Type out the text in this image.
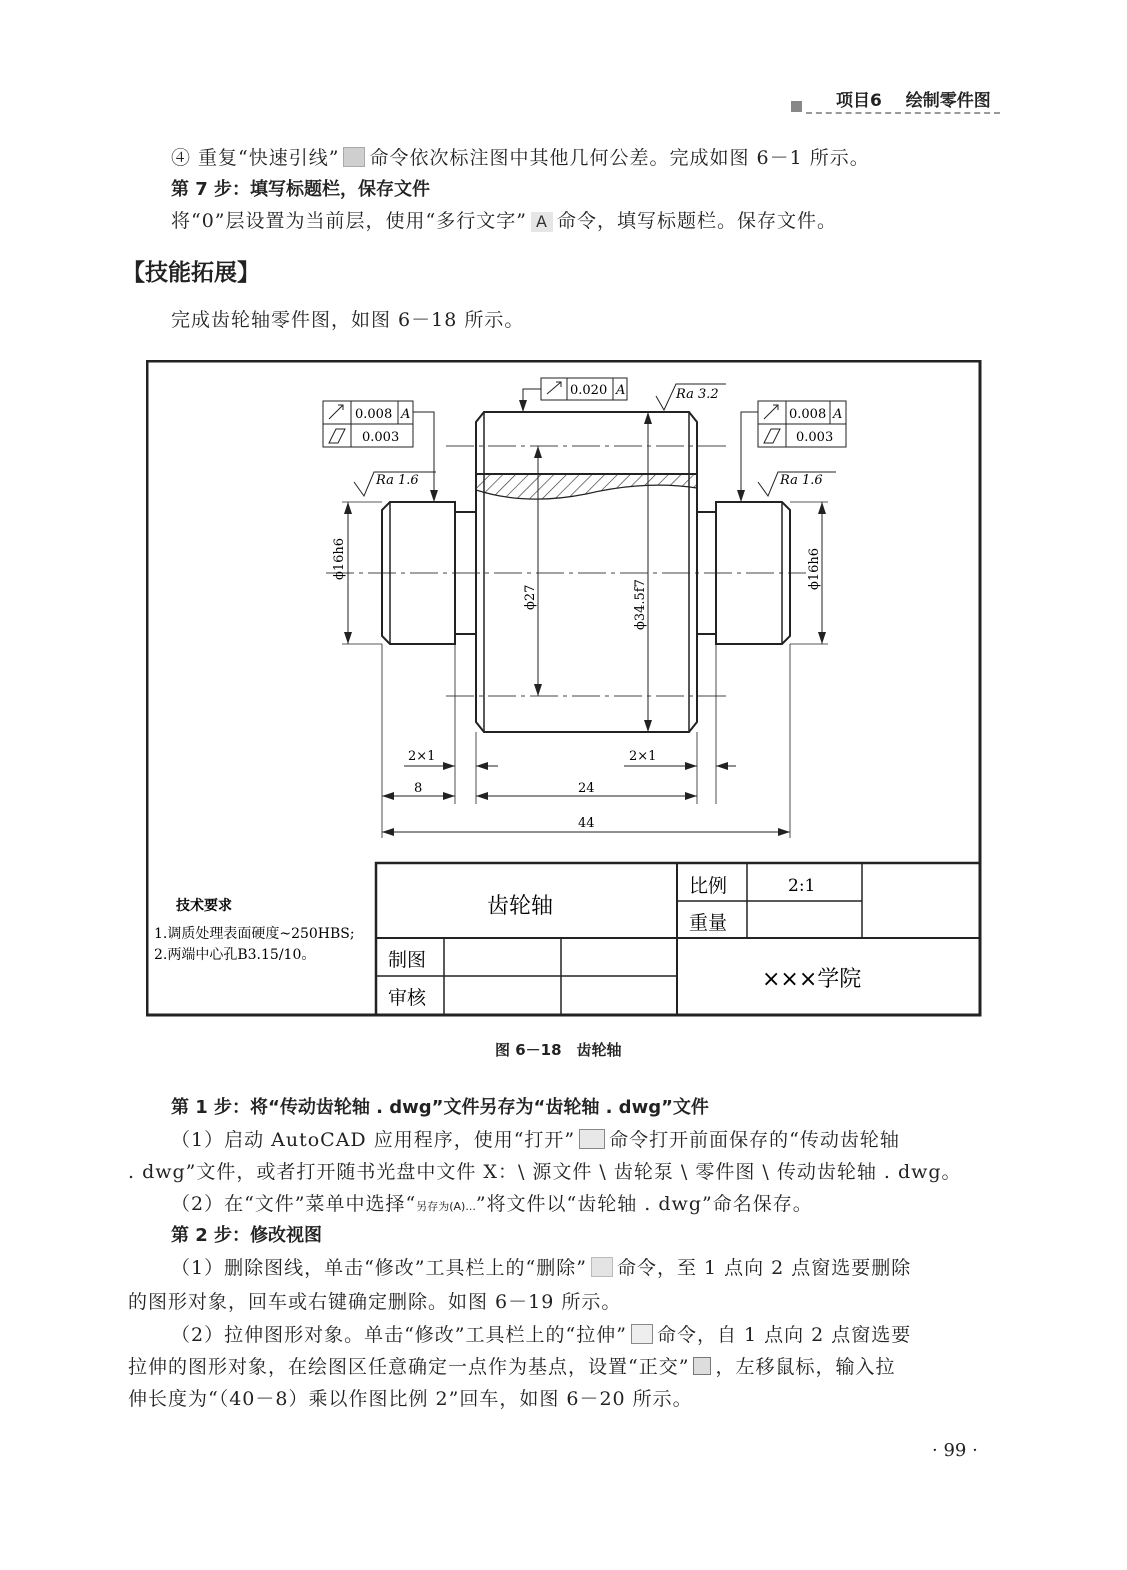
项目6 绘制零件图
④ 重复“快速引线” 命令依次标注图中其他几何公差。完成如图 6－1 所示。
第 7 步：填写标题栏，保存文件
将“0”层设置为当前层，使用“多行文字” A 命令，填写标题栏。保存文件。
【技能拓展】
完成齿轮轴零件图，如图 6－18 所示。
ϕ16h6
ϕ27	ϕ34.5f7
ϕ16h6
2×1	2×1
8	24
44
0.020 A	Ra 3.2
0.008 A
0.003
Ra 1.6
0.008 A
0.003
Ra 1.6
技术要求
1.调质处理表面硬度~250HBS;
2.两端中心孔B3.15/10。
齿轮轴
比例	2:1
重量
制图
审核
×××学院
图 6－18　齿轮轴
第 1 步：将“传动齿轮轴 . dwg”文件另存为“齿轮轴 . dwg”文件
（1）启动 AutoCAD 应用程序，使用“打开” 命令打开前面保存的“传动齿轮轴
. dwg”文件，或者打开随书光盘中文件 X：\ 源文件 \ 齿轮泵 \ 零件图 \ 传动齿轮轴 . dwg。
（2）在“文件”菜单中选择“另存为(A)...”将文件以“齿轮轴 . dwg”命名保存。
第 2 步：修改视图
（1）删除图线，单击“修改”工具栏上的“删除” 命令，至 1 点向 2 点窗选要删除
的图形对象，回车或右键确定删除。如图 6－19 所示。
（2）拉伸图形对象。单击“修改”工具栏上的“拉伸” 命令，自 1 点向 2 点窗选要
拉伸的图形对象，在绘图区任意确定一点作为基点，设置“正交” ，左移鼠标，输入拉
伸长度为“（40－8）乘以作图比例 2”回车，如图 6－20 所示。
· 99 ·
